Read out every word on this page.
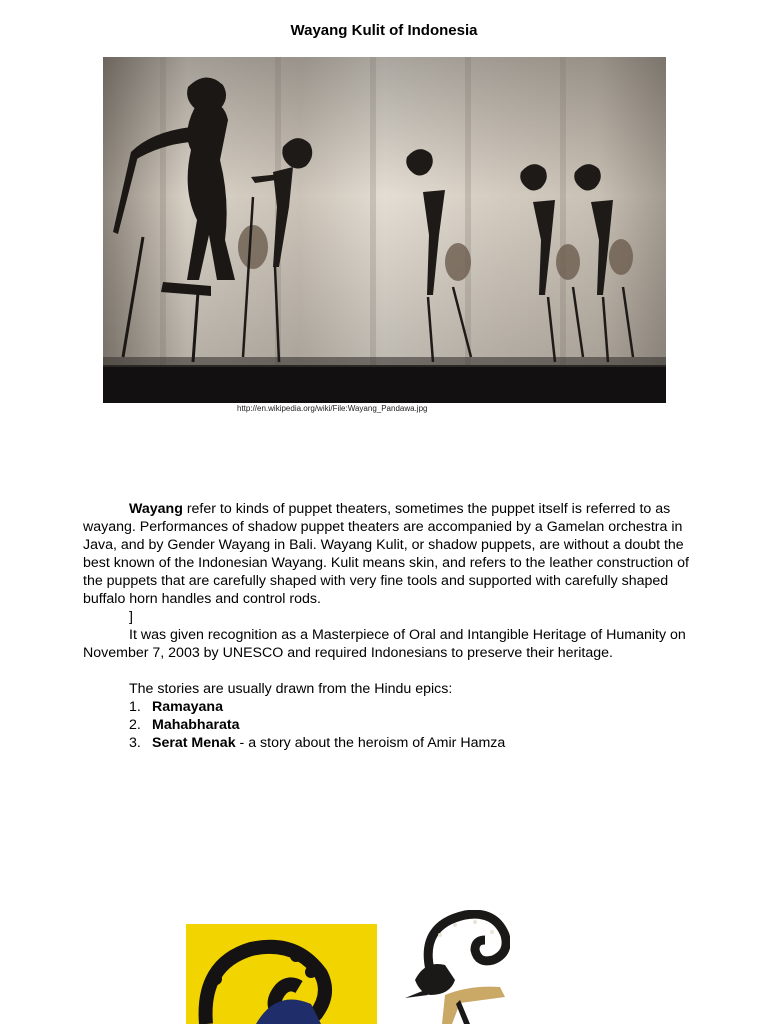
Wayang Kulit of Indonesia
http://en.wikipedia.org/wiki/File:Wayang_Pandawa.jpg

Wayang refer to kinds of puppet theaters, sometimes the puppet itself is referred to as wayang. Performances of shadow puppet theaters are accompanied by a Gamelan orchestra in Java, and by Gender Wayang in Bali. Wayang Kulit, or shadow puppets, are without a doubt the best known of the Indonesian Wayang. Kulit means skin, and refers to the leather construction of the puppets that are carefully shaped with very fine tools and supported with carefully shaped buffalo horn handles and control rods.

]

It was given recognition as a Masterpiece of Oral and Intangible Heritage of Humanity on November 7, 2003 by UNESCO and required Indonesians to preserve their heritage.

The stories are usually drawn from the Hindu epics:

1. Ramayana
2. Mahabharata
3. Serat Menak - a story about the heroism of Amir Hamza
